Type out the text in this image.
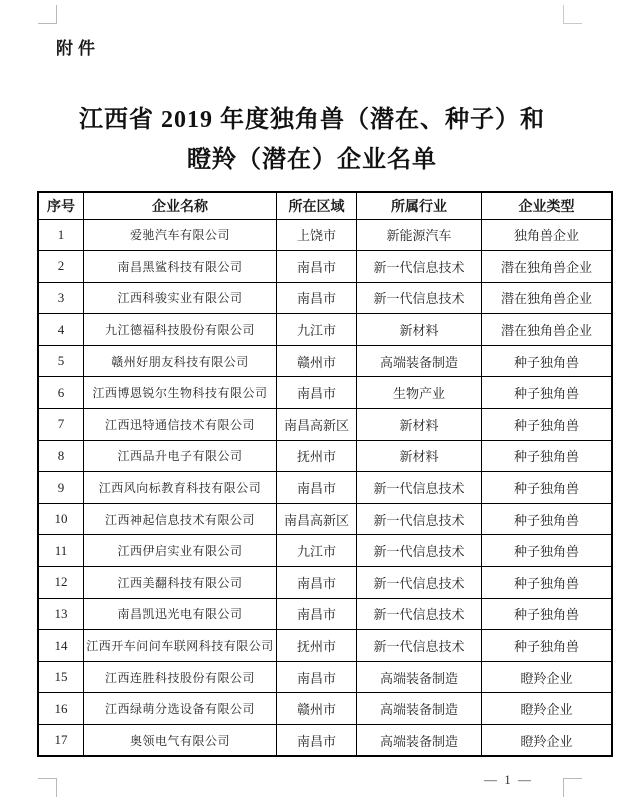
附件
江西省 2019 年度独角兽（潜在、种子）和
瞪羚（潜在）企业名单
序号	企业名称	所在区域	所属行业	企业类型
1	爱驰汽车有限公司	上饶市	新能源汽车	独角兽企业
2	南昌黑鲨科技有限公司	南昌市	新一代信息技术	潜在独角兽企业
3	江西科骏实业有限公司	南昌市	新一代信息技术	潜在独角兽企业
4	九江德福科技股份有限公司	九江市	新材料	潜在独角兽企业
5	赣州好朋友科技有限公司	赣州市	高端装备制造	种子独角兽
6	江西博恩锐尔生物科技有限公司	南昌市	生物产业	种子独角兽
7	江西迅特通信技术有限公司	南昌高新区	新材料	种子独角兽
8	江西品升电子有限公司	抚州市	新材料	种子独角兽
9	江西风向标教育科技有限公司	南昌市	新一代信息技术	种子独角兽
10	江西神起信息技术有限公司	南昌高新区	新一代信息技术	种子独角兽
11	江西伊启实业有限公司	九江市	新一代信息技术	种子独角兽
12	江西美翻科技有限公司	南昌市	新一代信息技术	种子独角兽
13	南昌凯迅光电有限公司	南昌市	新一代信息技术	种子独角兽
14	江西开车问问车联网科技有限公司	抚州市	新一代信息技术	种子独角兽
15	江西连胜科技股份有限公司	南昌市	高端装备制造	瞪羚企业
16	江西绿萌分选设备有限公司	赣州市	高端装备制造	瞪羚企业
17	奥领电气有限公司	南昌市	高端装备制造	瞪羚企业
— 1 —
